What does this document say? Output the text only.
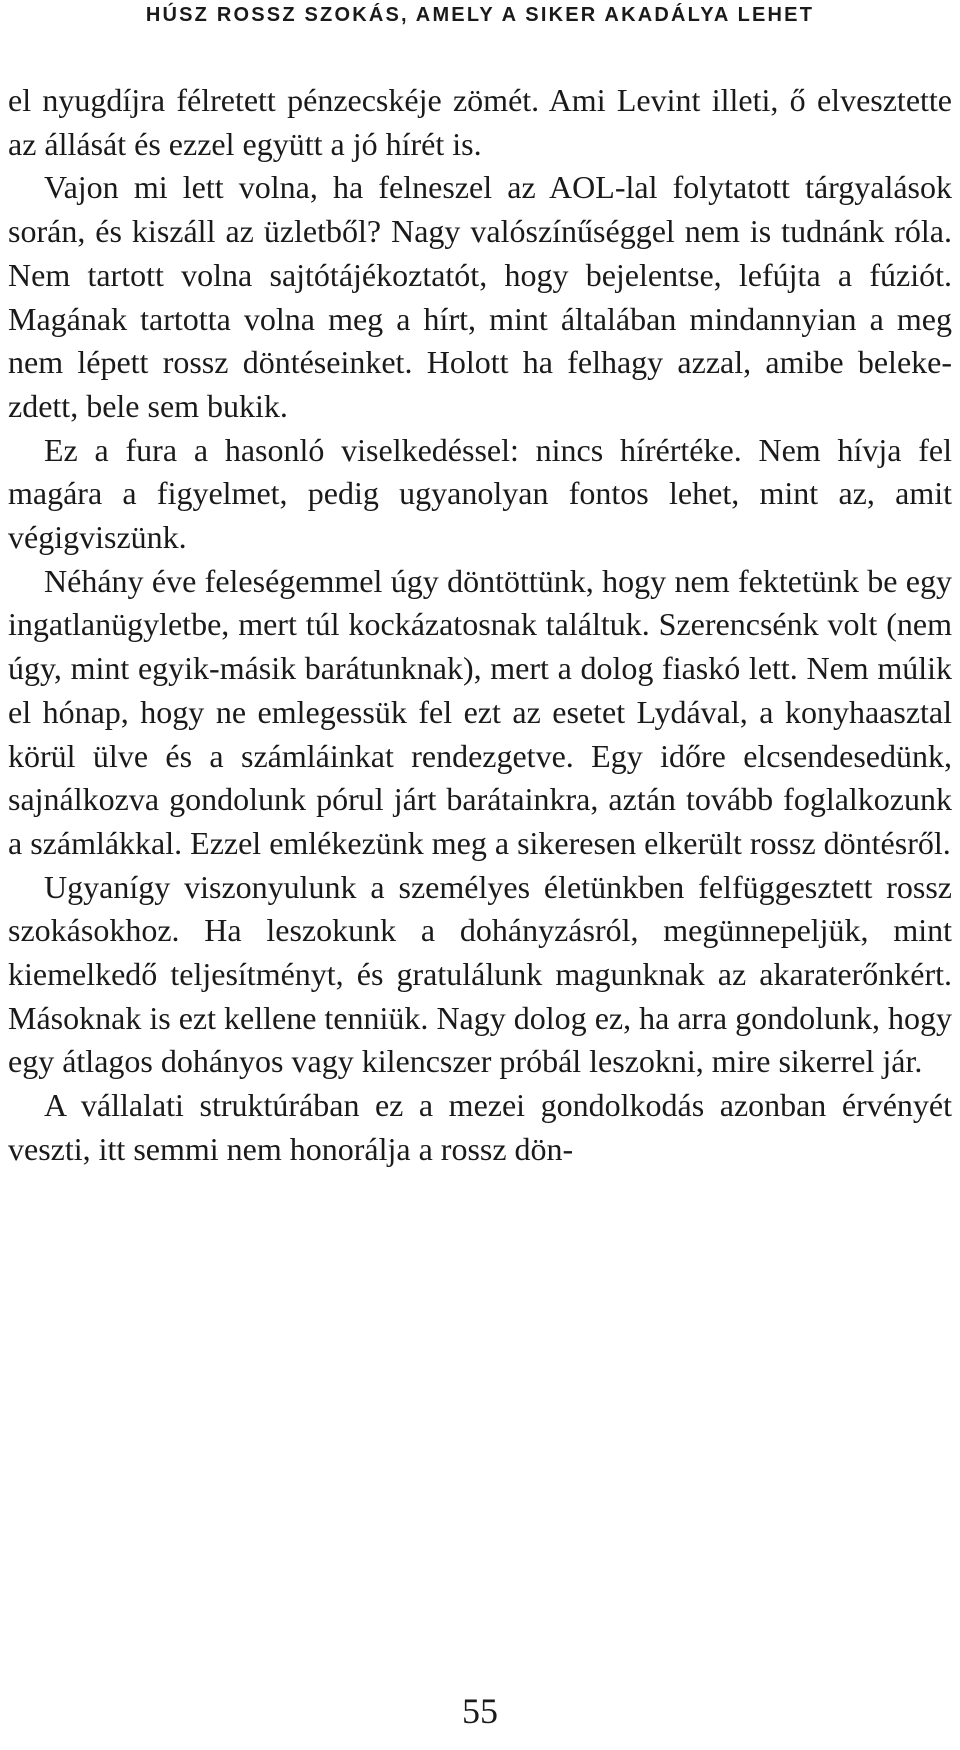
HÚSZ ROSSZ SZOKÁS, AMELY A SIKER AKADÁLYA LEHET

el nyugdíjra félretett pénzecskéje zömét. Ami Levint illeti, ő elvesztette az állását és ezzel együtt a jó hírét is.

Vajon mi lett volna, ha felneszel az AOL-lal folytatott tárgyalások során, és kiszáll az üzletből? Nagy valószínűséggel nem is tudnánk róla. Nem tartott volna sajtótájékoztatót, hogy bejelentse, lefújta a fúziót. Magának tartotta volna meg a hírt, mint általában mindannyian a meg nem lépett rossz döntéseinket. Holott ha felhagy azzal, amibe belekezdett, bele sem bukik.

Ez a fura a hasonló viselkedéssel: nincs hírértéke. Nem hívja fel magára a figyelmet, pedig ugyanolyan fontos lehet, mint az, amit végigviszünk.

Néhány éve feleségemmel úgy döntöttünk, hogy nem fektetünk be egy ingatlanügyletbe, mert túl kockázatosnak találtuk. Szerencsénk volt (nem úgy, mint egyik-másik barátunknak), mert a dolog fiaskó lett. Nem múlik el hónap, hogy ne emlegessük fel ezt az esetet Lydával, a konyhaasztal körül ülve és a számláinkat rendezgetve. Egy időre elcsendesedünk, sajnálkozva gondolunk pórul járt barátainkra, aztán tovább foglalkozunk a számlákkal. Ezzel emlékezünk meg a sikeresen elkerült rossz döntésről.

Ugyanígy viszonyulunk a személyes életünkben felfüggesztett rossz szokásokhoz. Ha leszokunk a dohányzásról, megünnepeljük, mint kiemelkedő teljesítményt, és gratulálunk magunknak az akaraterőnkért. Másoknak is ezt kellene tenniük. Nagy dolog ez, ha arra gondolunk, hogy egy átlagos dohányos vagy kilencszer próbál leszokni, mire sikerrel jár.

A vállalati struktúrában ez a mezei gondolkodás azonban érvényét veszti, itt semmi nem honorálja a rossz dön-

55
